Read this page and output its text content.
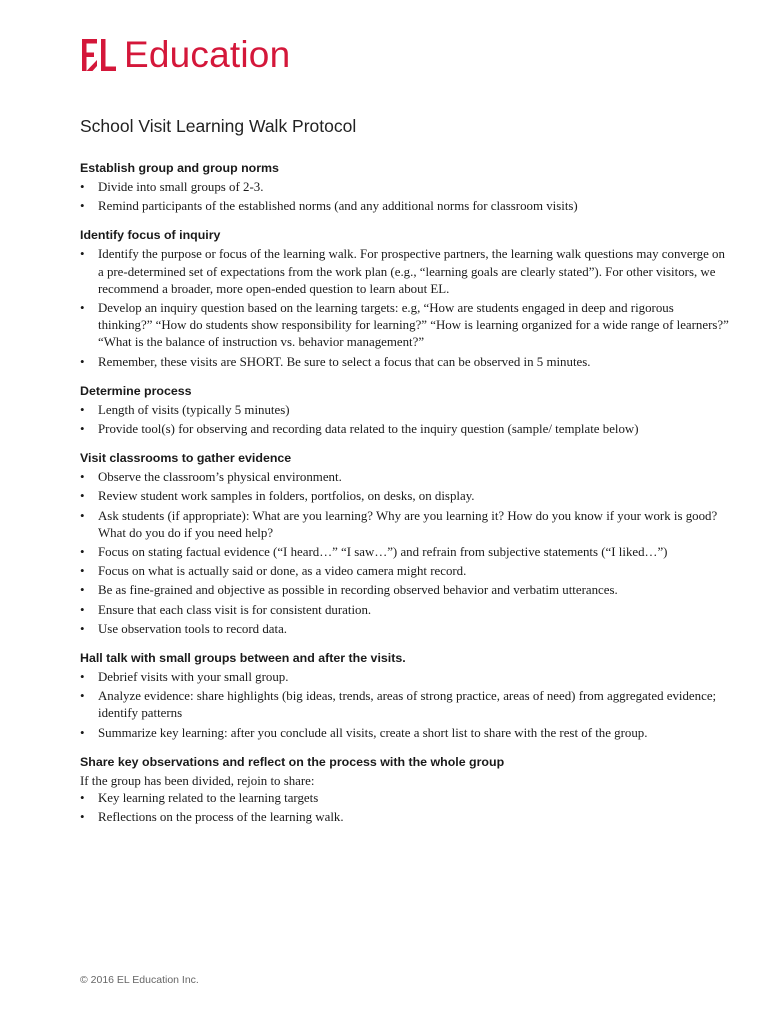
Education
School Visit Learning Walk Protocol
Establish group and group norms
• Divide into small groups of 2-3.
• Remind participants of the established norms (and any additional norms for classroom visits)
Identify focus of inquiry
• Identify the purpose or focus of the learning walk. For prospective partners, the learning walk questions may converge on a pre-determined set of expectations from the work plan (e.g., “learning goals are clearly stated”). For other visitors, we recommend a broader, more open-ended question to learn about EL.
• Develop an inquiry question based on the learning targets: e.g, “How are students engaged in deep and rigorous thinking?” “How do students show responsibility for learning?” “How is learning organized for a wide range of learners?” “What is the balance of instruction vs. behavior management?”
• Remember, these visits are SHORT. Be sure to select a focus that can be observed in 5 minutes.
Determine process
• Length of visits (typically 5 minutes)
• Provide tool(s) for observing and recording data related to the inquiry question (sample/ template below)
Visit classrooms to gather evidence
• Observe the classroom’s physical environment.
• Review student work samples in folders, portfolios, on desks, on display.
• Ask students (if appropriate): What are you learning? Why are you learning it? How do you know if your work is good? What do you do if you need help?
• Focus on stating factual evidence (“I heard…” “I saw…”) and refrain from subjective statements (“I liked…”)
• Focus on what is actually said or done, as a video camera might record.
• Be as fine-grained and objective as possible in recording observed behavior and verbatim utterances.
• Ensure that each class visit is for consistent duration.
• Use observation tools to record data.
Hall talk with small groups between and after the visits.
• Debrief visits with your small group.
• Analyze evidence: share highlights (big ideas, trends, areas of strong practice, areas of need) from aggregated evidence; identify patterns
• Summarize key learning: after you conclude all visits, create a short list to share with the rest of the group.
Share key observations and reflect on the process with the whole group

If the group has been divided, rejoin to share:

• Key learning related to the learning targets
• Reflections on the process of the learning walk.
© 2016 EL Education Inc.
